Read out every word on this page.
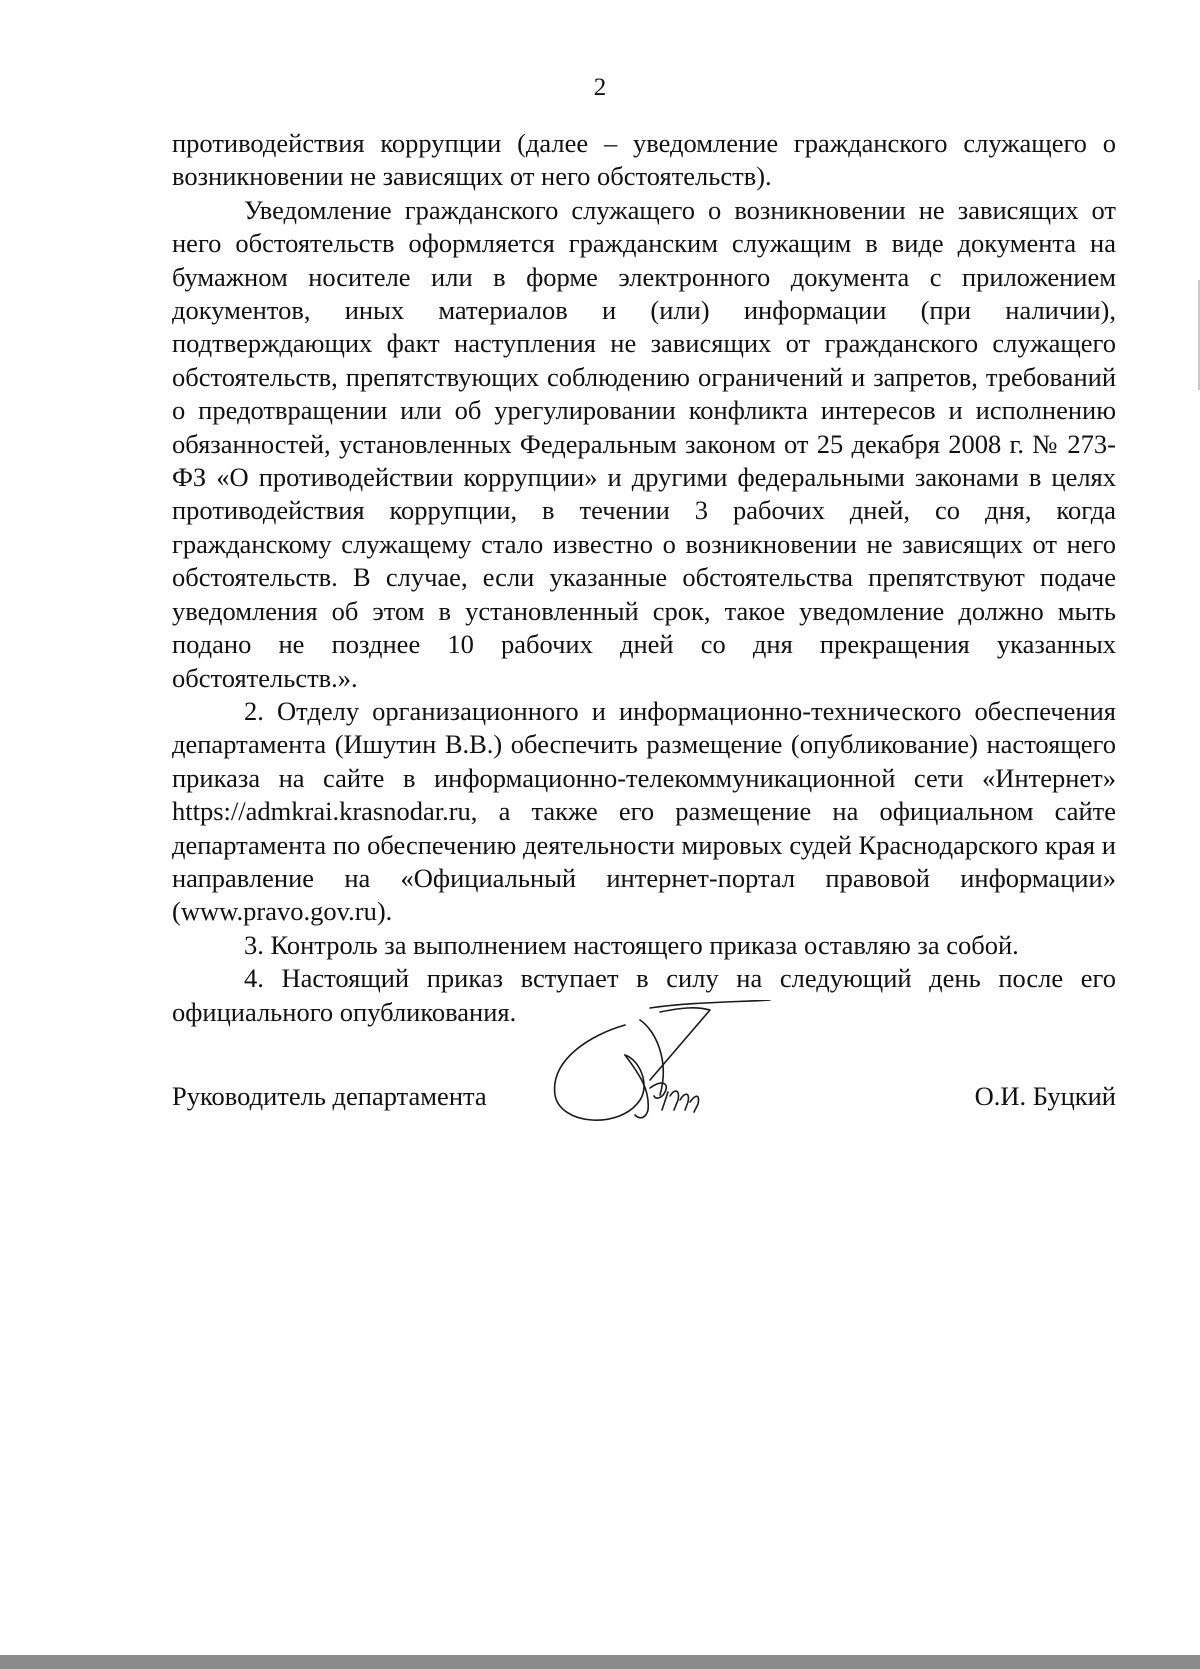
2

противодействия коррупции (далее – уведомление гражданского служащего о возникновении не зависящих от него обстоятельств).

Уведомление гражданского служащего о возникновении не зависящих от него обстоятельств оформляется гражданским служащим в виде документа на бумажном носителе или в форме электронного документа с приложением документов, иных материалов и (или) информации (при наличии), подтверждающих факт наступления не зависящих от гражданского служащего обстоятельств, препятствующих соблюдению ограничений и запретов, требований о предотвращении или об урегулировании конфликта интересов и исполнению обязанностей, установленных Федеральным законом от 25 декабря 2008 г. № 273-ФЗ «О противодействии коррупции» и другими федеральными законами в целях противодействия коррупции, в течении 3 рабочих дней, со дня, когда гражданскому служащему стало известно о возникновении не зависящих от него обстоятельств. В случае, если указанные обстоятельства препятствуют подаче уведомления об этом в установленный срок, такое уведомление должно мыть подано не позднее 10 рабочих дней со дня прекращения указанных обстоятельств.».

2. Отделу организационного и информационно-технического обеспечения департамента (Ишутин В.В.) обеспечить размещение (опубликование) настоящего приказа на сайте в информационно-телекоммуникационной сети «Интернет» https://admkrai.krasnodar.ru, а также его размещение на официальном сайте департамента по обеспечению деятельности мировых судей Краснодарского края и направление на «Официальный интернет-портал правовой информации» (www.pravo.gov.ru).

3. Контроль за выполнением настоящего приказа оставляю за собой.

4. Настоящий приказ вступает в силу на следующий день после его официального опубликования.

Руководитель департамента	О.И. Буцкий
